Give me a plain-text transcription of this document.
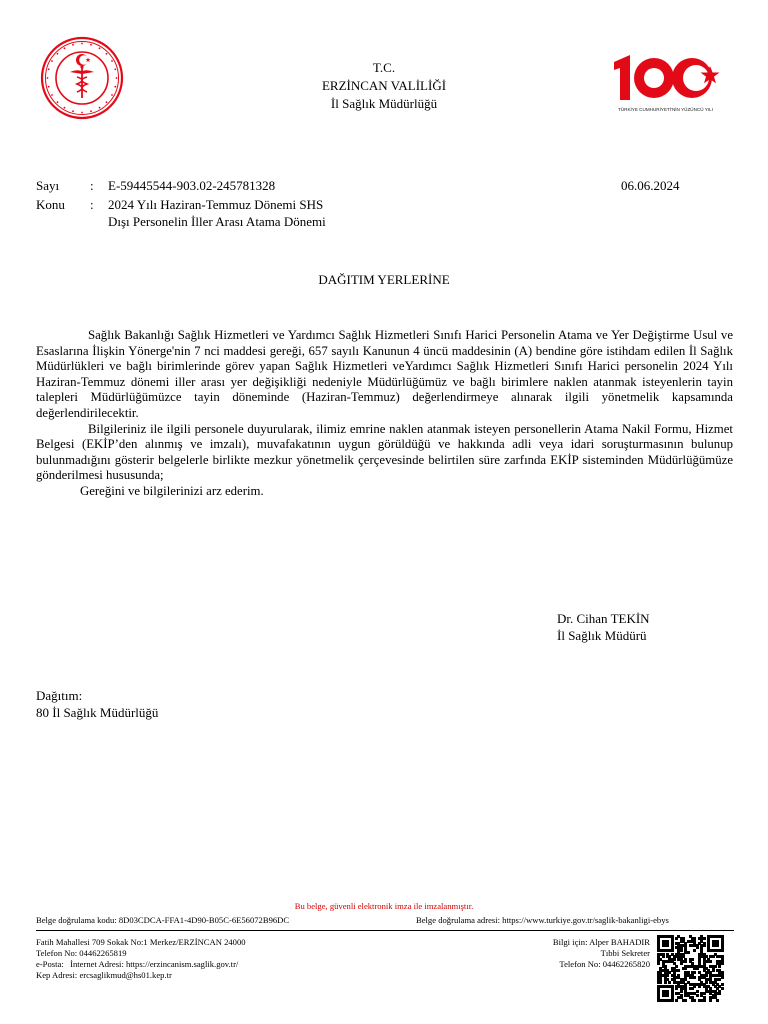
T.C.
ERZİNCAN VALİLİĞİ
İl Sağlık Müdürlüğü	TÜRKİYE CUMHURİYETİ'NİN YÜZÜNCÜ YILI
Sayı : E-59445544-903.02-245781328	06.06.2024
Konu : 2024 Yılı Haziran-Temmuz Dönemi SHS
Dışı Personelin İller Arası Atama Dönemi
DAĞITIM YERLERİNE

Sağlık Bakanlığı Sağlık Hizmetleri ve Yardımcı Sağlık Hizmetleri Sınıfı Harici Personelin Atama ve Yer Değiştirme Usul ve Esaslarına İlişkin Yönerge'nin 7 nci maddesi gereği, 657 sayılı Kanunun 4 üncü maddesinin (A) bendine göre istihdam edilen İl Sağlık Müdürlükleri ve bağlı birimlerinde görev yapan Sağlık Hizmetleri veYardımcı Sağlık Hizmetleri Sınıfı Harici personelin 2024 Yılı Haziran-Temmuz dönemi iller arası yer değişikliği nedeniyle Müdürlüğümüz ve bağlı birimlere naklen atanmak isteyenlerin tayin talepleri Müdürlüğümüzce tayin döneminde (Haziran-Temmuz) değerlendirmeye alınarak ilgili yönetmelik kapsamında değerlendirilecektir.

Bilgileriniz ile ilgili personele duyurularak, ilimiz emrine naklen atanmak isteyen personellerin Atama Nakil Formu, Hizmet Belgesi (EKİP’den alınmış ve imzalı), muvafakatının uygun görüldüğü ve hakkında adli veya idari soruşturmasının bulunup bulunmadığını gösterir belgelerle birlikte mezkur yönetmelik çerçevesinde belirtilen süre zarfında EKİP sisteminden Müdürlüğümüze gönderilmesi hususunda;

Gereğini ve bilgilerinizi arz ederim.

Dr. Cihan TEKİN
İl Sağlık Müdürü
Dağıtım:
80 İl Sağlık Müdürlüğü
Bu belge, güvenli elektronik imza ile imzalanmıştır.
Belge doğrulama kodu: 8D03CDCA-FFA1-4D90-B05C-6E56072B96DC	Belge doğrulama adresi: https://www.turkiye.gov.tr/saglik-bakanligi-ebys
Fatih Mahallesi 709 Sokak No:1 Merkez/ERZİNCAN 24000
Telefon No: 04462265819
e-Posta: İnternet Adresi: https://erzincanism.saglik.gov.tr/
Kep Adresi: ercsaglikmud@hs01.kep.tr
Bilgi için: Alper BAHADIR
Tıbbi Sekreter
Telefon No: 04462265820
